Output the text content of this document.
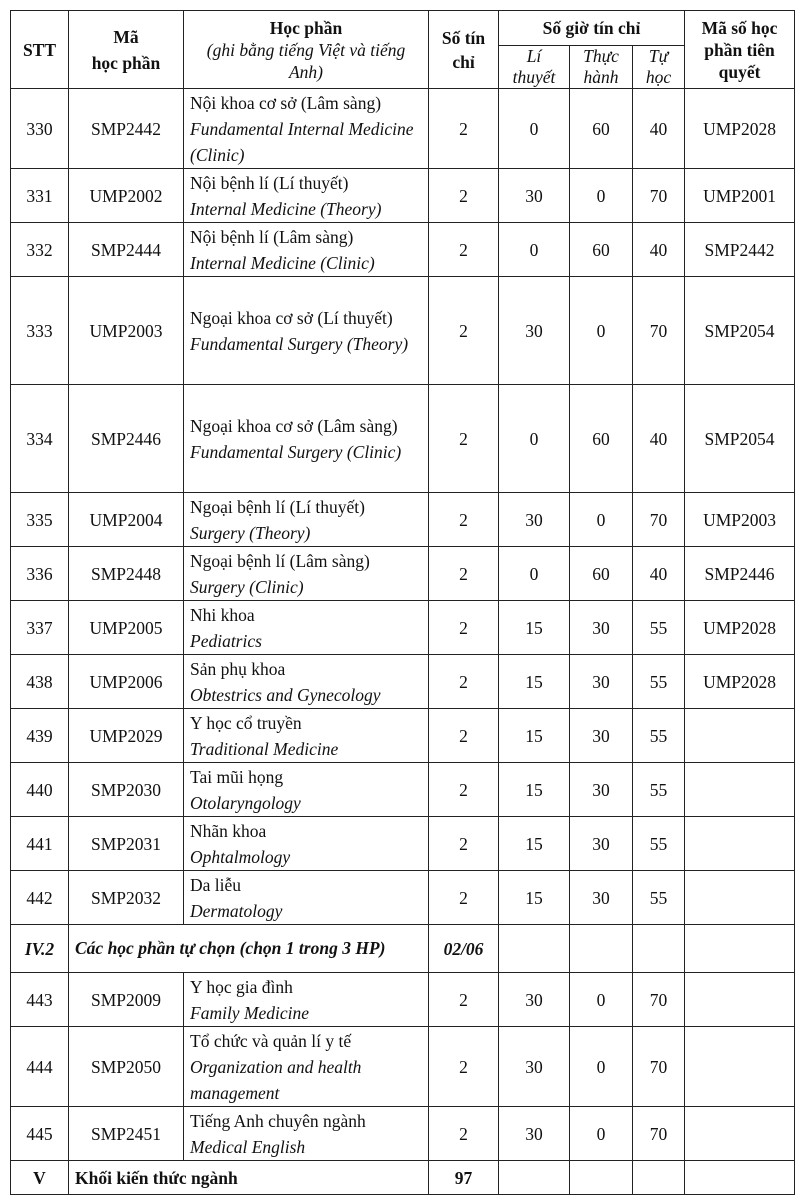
STT	Mã
học phần	Học phần
(ghi bằng tiếng Việt và tiếng Anh)	Số tín chỉ	Số giờ tín chỉ			Mã số học phần tiên quyết
				Lí thuyết	Thực hành	Tự học	
330	SMP2442	Nội khoa cơ sở (Lâm sàng)
Fundamental Internal Medicine (Clinic)	2	0	60	40	UMP2028
331	UMP2002	Nội bệnh lí (Lí thuyết)
Internal Medicine (Theory)	2	30	0	70	UMP2001
332	SMP2444	Nội bệnh lí (Lâm sàng)
Internal Medicine (Clinic)	2	0	60	40	SMP2442
333	UMP2003	Ngoại khoa cơ sở (Lí thuyết)
Fundamental Surgery (Theory)	2	30	0	70	SMP2054
334	SMP2446	Ngoại khoa cơ sở (Lâm sàng)
Fundamental Surgery (Clinic)	2	0	60	40	SMP2054
335	UMP2004	Ngoại bệnh lí (Lí thuyết)
Surgery (Theory)	2	30	0	70	UMP2003
336	SMP2448	Ngoại bệnh lí (Lâm sàng)
Surgery (Clinic)	2	0	60	40	SMP2446
337	UMP2005	Nhi khoa
Pediatrics	2	15	30	55	UMP2028
438	UMP2006	Sản phụ khoa
Obtestrics and Gynecology	2	15	30	55	UMP2028
439	UMP2029	Y học cổ truyền
Traditional Medicine	2	15	30	55	
440	SMP2030	Tai mũi họng
Otolaryngology	2	15	30	55	
441	SMP2031	Nhãn khoa
Ophtalmology	2	15	30	55	
442	SMP2032	Da liễu
Dermatology	2	15	30	55	
IV.2	Các học phần tự chọn (chọn 1 trong 3 HP)		02/06				
443	SMP2009	Y học gia đình
Family Medicine	2	30	0	70	
444	SMP2050	Tổ chức và quản lí y tế
Organization and health management	2	30	0	70	
445	SMP2451	Tiếng Anh chuyên ngành
Medical English	2	30	0	70	
V	Khối kiến thức ngành		97				
